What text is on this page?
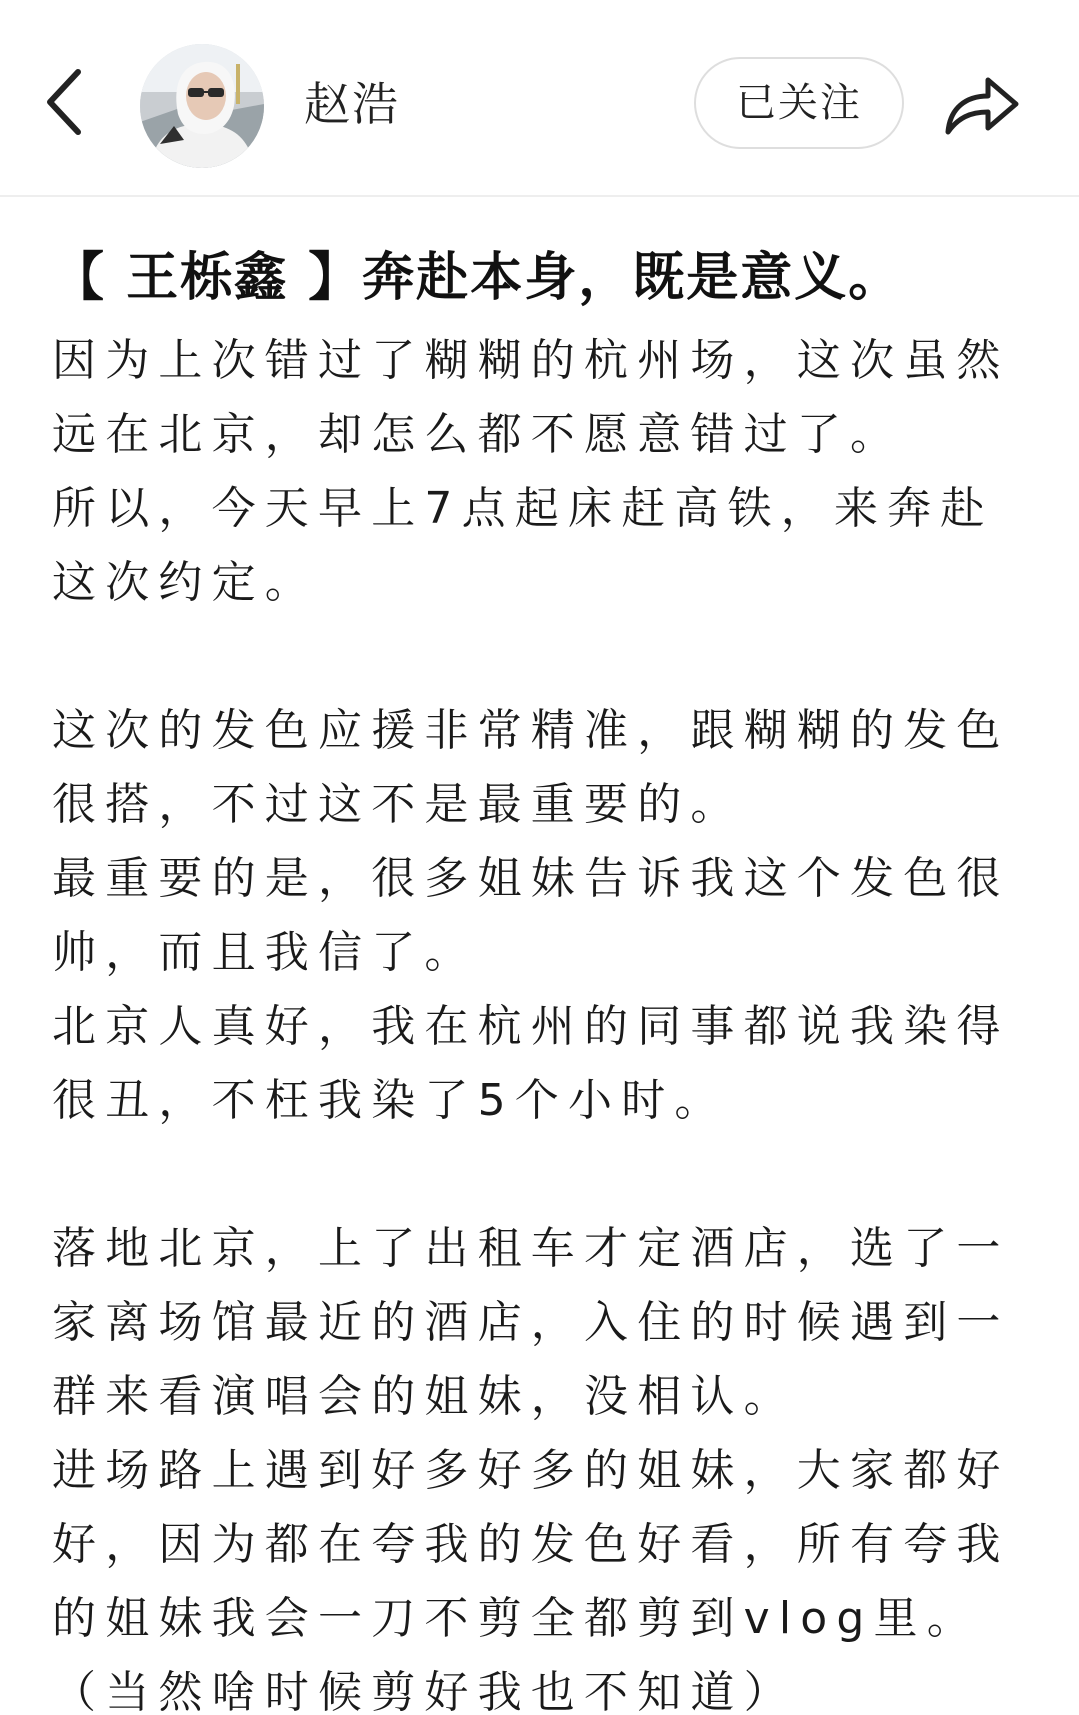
赵浩	已关注
【 王栎鑫 】奔赴本身，既是意义。

因为上次错过了糊糊的杭州场，这次虽然远在北京，却怎么都不愿意错过了。

所以，今天早上7点起床赶高铁，来奔赴这次约定。

这次的发色应援非常精准，跟糊糊的发色很搭，不过这不是最重要的。

最重要的是，很多姐妹告诉我这个发色很帅，而且我信了。

北京人真好，我在杭州的同事都说我染得很丑，不枉我染了5个小时。

落地北京，上了出租车才定酒店，选了一家离场馆最近的酒店，入住的时候遇到一群来看演唱会的姐妹，没相认。

进场路上遇到好多好多的姐妹，大家都好好，因为都在夸我的发色好看，所有夸我的姐妹我会一刀不剪全都剪到vlog里。（当然啥时候剪好我也不知道）
